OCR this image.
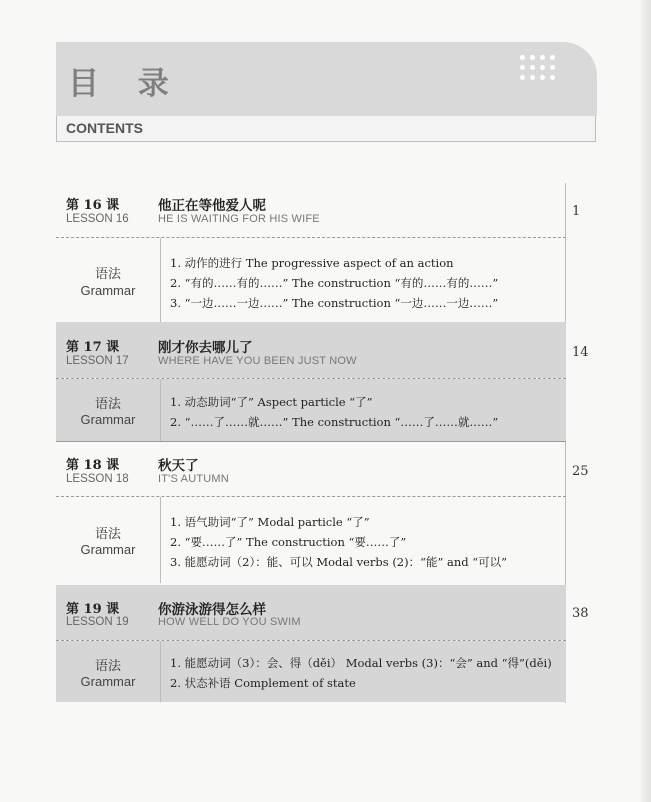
目 录
CONTENTS
第 16 课
LESSON 16
他正在等他爱人呢
HE IS WAITING FOR HIS WIFE	1
语法
Grammar
1. 动作的进行 The progressive aspect of an action
2. “有的……有的……” The construction “有的……有的……”
3. “一边……一边……” The construction “一边……一边……”
第 17 课
LESSON 17
刚才你去哪儿了
WHERE HAVE YOU BEEN JUST NOW
14
语法
Grammar
1. 动态助词“了” Aspect particle “了”
2. “……了……就……” The construction “……了……就……”
第 18 课
LESSON 18
秋天了
IT'S AUTUMN	25
语法
Grammar
1. 语气助词“了” Modal particle “了”
2. “要……了” The construction “要……了”
3. 能愿动词（2）：能、可以 Modal verbs (2)：“能” and “可以”
第 19 课
LESSON 19
你游泳游得怎么样
HOW WELL DO YOU SWIM
38
语法
Grammar
1. 能愿动词（3）：会、得（děi） Modal verbs (3)：“会” and “得”(děi)
2. 状态补语 Complement of state
